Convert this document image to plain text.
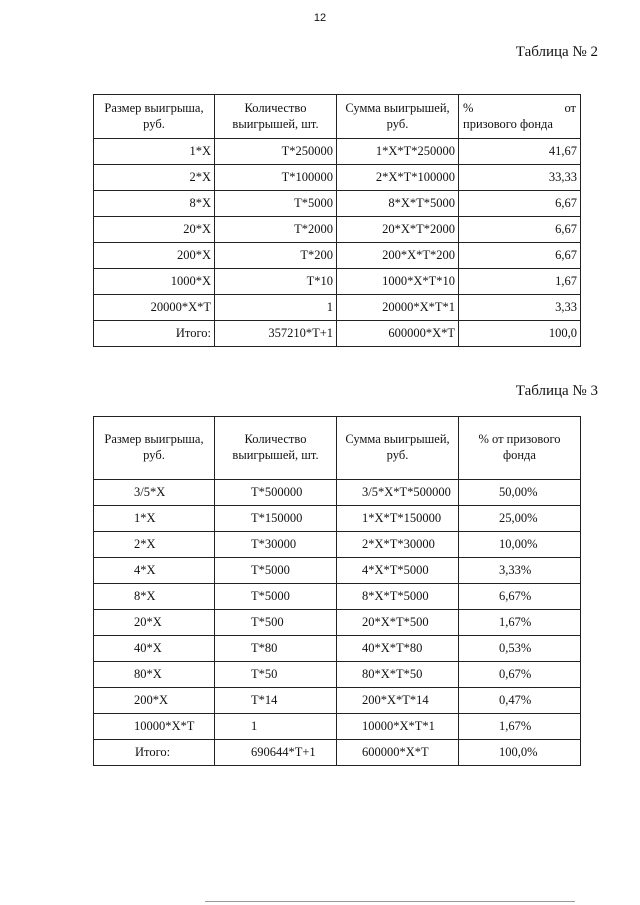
12
Таблица № 2
Размер выигрыша, руб.	Количество выигрышей, шт.	Сумма выигрышей, руб.	% от
призового фонда

1*X	T*250000	1*X*T*250000	41,67
2*X	T*100000	2*X*T*100000	33,33
8*X	T*5000	8*X*T*5000	6,67
20*X	T*2000	20*X*T*2000	6,67
200*X	T*200	200*X*T*200	6,67
1000*X	T*10	1000*X*T*10	1,67
20000*X*T	1	20000*X*T*1	3,33
Итого:	357210*T+1	600000*X*T	100,0
Таблица № 3
Размер выигрыша, руб.	Количество выигрышей, шт.	Сумма выигрышей, руб.	% от призового фонда
3/5*X	T*500000	3/5*X*T*500000	50,00%
1*X	T*150000	1*X*T*150000	25,00%
2*X	T*30000	2*X*T*30000	10,00%
4*X	T*5000	4*X*T*5000	3,33%
8*X	T*5000	8*X*T*5000	6,67%
20*X	T*500	20*X*T*500	1,67%
40*X	T*80	40*X*T*80	0,53%
80*X	T*50	80*X*T*50	0,67%
200*X	T*14	200*X*T*14	0,47%
10000*X*T	1	10000*X*T*1	1,67%
Итого:	690644*T+1	600000*X*T	100,0%
